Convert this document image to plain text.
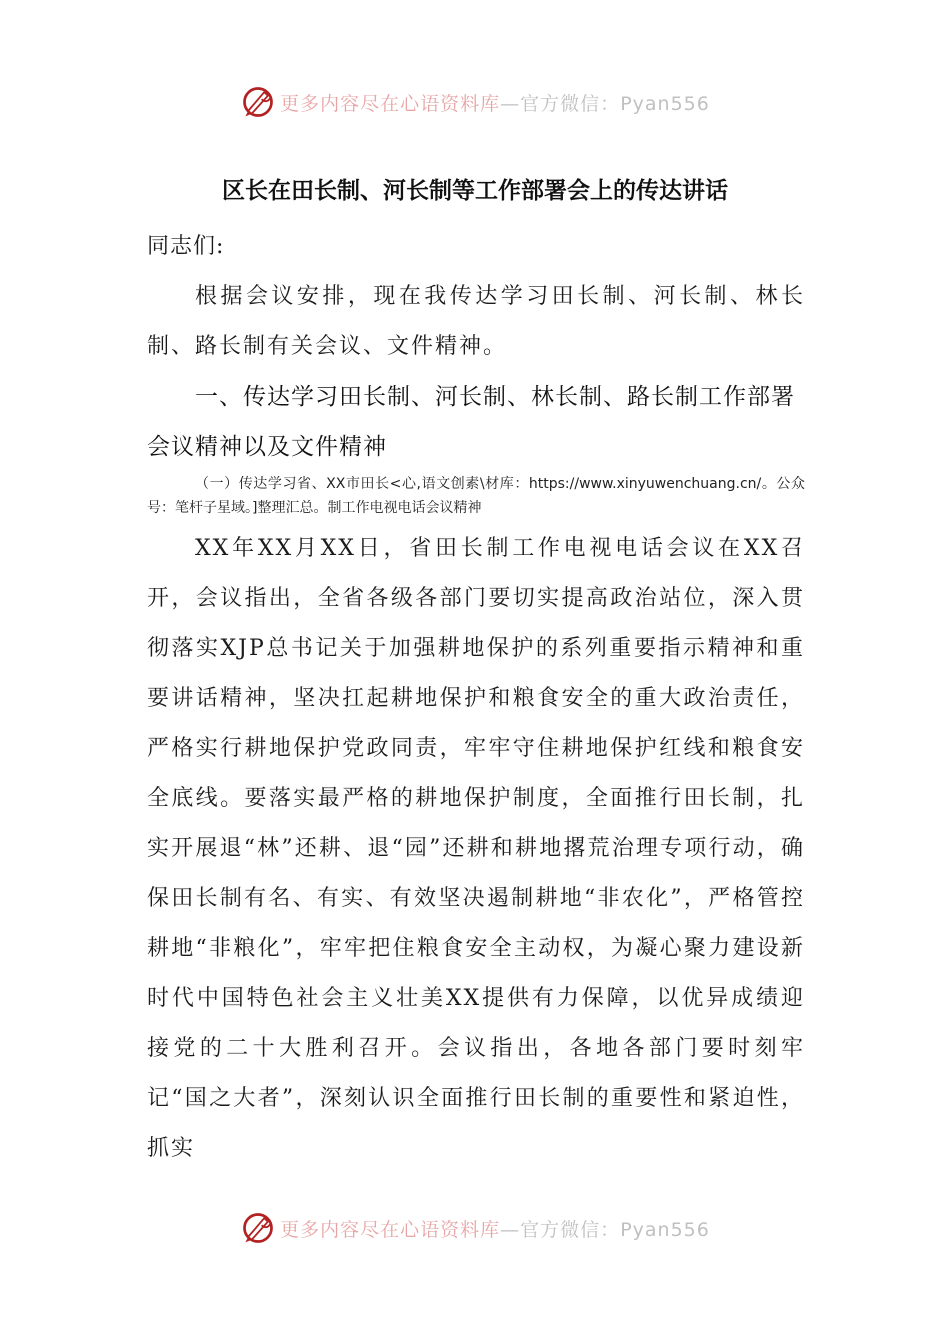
更多内容尽在心语资料库—官方微信：Pyan556
区长在田长制、河长制等工作部署会上的传达讲话

同志们:

根据会议安排，现在我传达学习田长制、河长制、林长制、路长制有关会议、文件精神。

一、传达学习田长制、河长制、林长制、路长制工作部署会议精神以及文件精神

（一）传达学习省、XX市田长<心,语文创素\材库：https://www.xinyuwenchuang.cn/。公众号：笔杆子星域。]整理汇总。制工作电视电话会议精神

XX年XX月XX日，省田长制工作电视电话会议在XX召开，会议指出，全省各级各部门要切实提高政治站位，深入贯彻落实XJP总书记关于加强耕地保护的系列重要指示精神和重要讲话精神，坚决扛起耕地保护和粮食安全的重大政治责任，严格实行耕地保护党政同责，牢牢守住耕地保护红线和粮食安全底线。要落实最严格的耕地保护制度，全面推行田长制，扎实开展退“林”还耕、退“园”还耕和耕地撂荒治理专项行动，确保田长制有名、有实、有效坚决遏制耕地“非农化”，严格管控耕地“非粮化”，牢牢把住粮食安全主动权，为凝心聚力建设新时代中国特色社会主义壮美XX提供有力保障，以优异成绩迎接党的二十大胜利召开。会议指出，各地各部门要时刻牢记“国之大者”，深刻认识全面推行田长制的重要性和紧迫性，抓实

更多内容尽在心语资料库—官方微信：Pyan556
